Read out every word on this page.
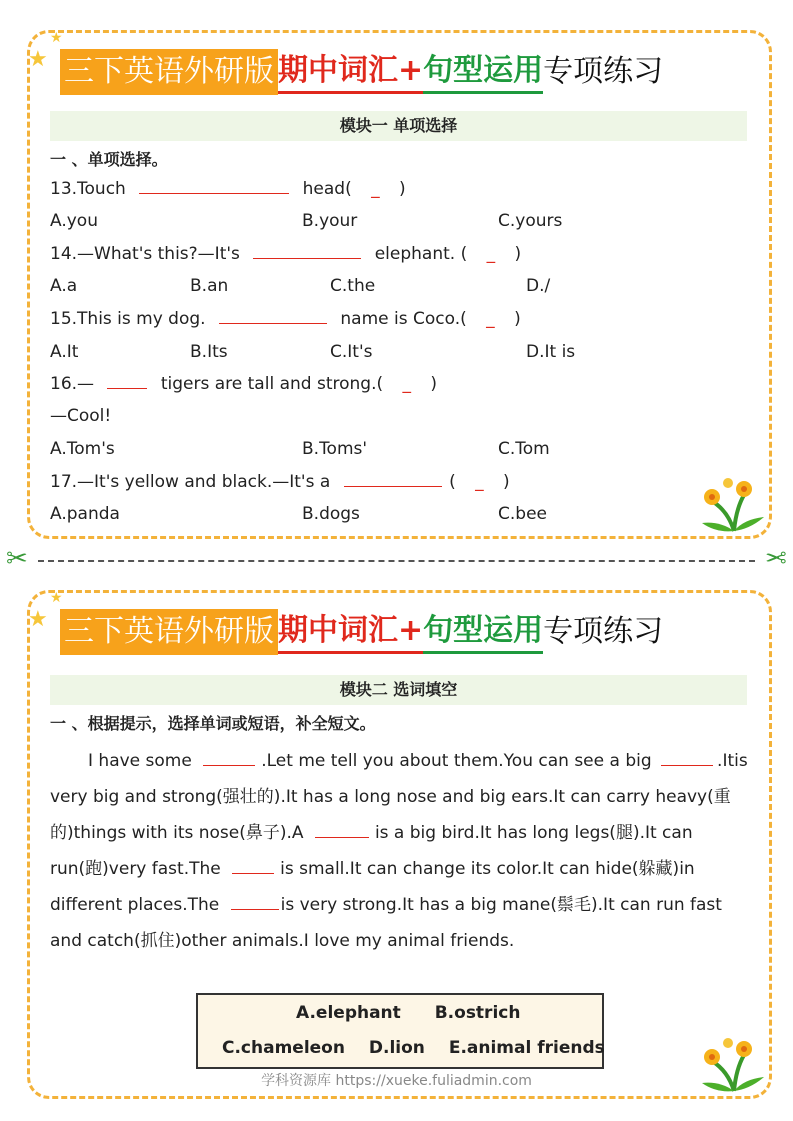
★
★
三下英语外研版 期中词汇+ 句型运用 专项练习
模块一 单项选择
一 、单项选择。
13.Touch	head( _ )
A.you	B.your	C.yours
14.—What's this?—It's	elephant. ( _ )
A.a	B.an	C.the	D./
15.This is my dog.	name is Coco.( _ )
A.It	B.Its	C.It's	D.It is
16.—	tigers are tall and strong.( _ )
—Cool!
A.Tom's	B.Toms'	C.Tom
17.—It's yellow and black.—It's a	( _ )
A.panda	B.dogs	C.bee
✂	✂
★
★
三下英语外研版 期中词汇+ 句型运用 专项练习
模块二 选词填空
一 、根据提示，选择单词或短语，补全短文。
I have some	.Let me tell you about them.You can see a big	.Itis very big and strong(强壮的).It has a long nose and big ears.It can carry heavy(重的)things with its nose(鼻子).A	is a big bird.It has long legs(腿).It can run(跑)very fast.The	is small.It can change its color.It can hide(躲藏)in different places.The	is very strong.It has a big mane(鬃毛).It can run fast and catch(抓住)other animals.I love my animal friends.
A.elephant B.ostrich
C.chameleon D.lion E.animal friends
学科资源库 https://xueke.fuliadmin.com
